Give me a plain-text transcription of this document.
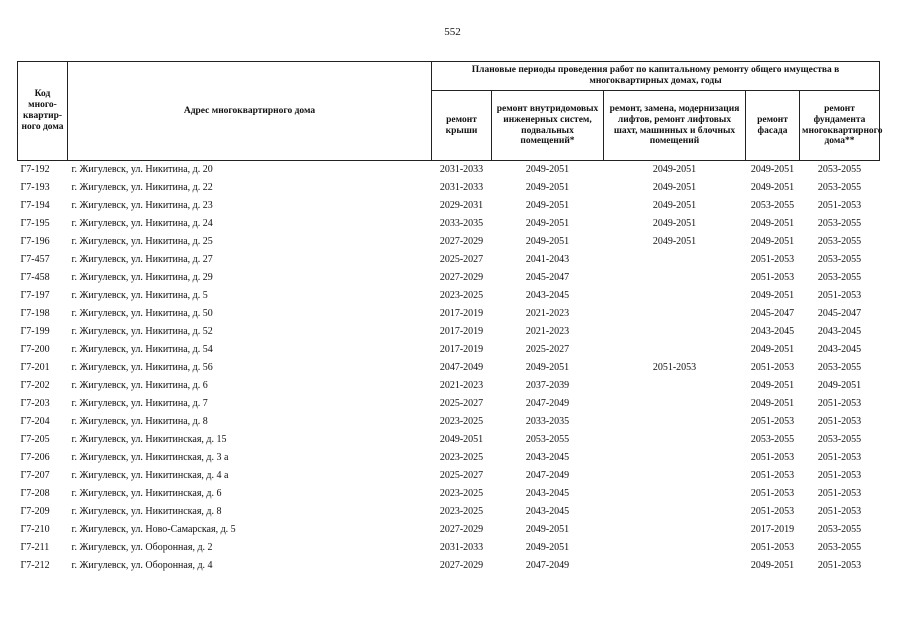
552
Код много-квартир-ного дома	Адрес многоквартирного дома	Плановые периоды проведения работ по капитальному ремонту общего имущества в многоквартирных домах, годы				
		ремонт крыши	ремонт внутридомовых инженерных систем, подвальных помещений*	ремонт, замена, модернизация лифтов, ремонт лифтовых шахт, машинных и блочных помещений	ремонт фасада	ремонт фундамента многоквартирного дома**
Г7-192	г. Жигулевск, ул. Никитина, д. 20	2031-2033	2049-2051	2049-2051	2049-2051	2053-2055
Г7-193	г. Жигулевск, ул. Никитина, д. 22	2031-2033	2049-2051	2049-2051	2049-2051	2053-2055
Г7-194	г. Жигулевск, ул. Никитина, д. 23	2029-2031	2049-2051	2049-2051	2053-2055	2051-2053
Г7-195	г. Жигулевск, ул. Никитина, д. 24	2033-2035	2049-2051	2049-2051	2049-2051	2053-2055
Г7-196	г. Жигулевск, ул. Никитина, д. 25	2027-2029	2049-2051	2049-2051	2049-2051	2053-2055
Г7-457	г. Жигулевск, ул. Никитина, д. 27	2025-2027	2041-2043		2051-2053	2053-2055
Г7-458	г. Жигулевск, ул. Никитина, д. 29	2027-2029	2045-2047		2051-2053	2053-2055
Г7-197	г. Жигулевск, ул. Никитина, д. 5	2023-2025	2043-2045		2049-2051	2051-2053
Г7-198	г. Жигулевск, ул. Никитина, д. 50	2017-2019	2021-2023		2045-2047	2045-2047
Г7-199	г. Жигулевск, ул. Никитина, д. 52	2017-2019	2021-2023		2043-2045	2043-2045
Г7-200	г. Жигулевск, ул. Никитина, д. 54	2017-2019	2025-2027		2049-2051	2043-2045
Г7-201	г. Жигулевск, ул. Никитина, д. 56	2047-2049	2049-2051	2051-2053	2051-2053	2053-2055
Г7-202	г. Жигулевск, ул. Никитина, д. 6	2021-2023	2037-2039		2049-2051	2049-2051
Г7-203	г. Жигулевск, ул. Никитина, д. 7	2025-2027	2047-2049		2049-2051	2051-2053
Г7-204	г. Жигулевск, ул. Никитина, д. 8	2023-2025	2033-2035		2051-2053	2051-2053
Г7-205	г. Жигулевск, ул. Никитинская, д. 15	2049-2051	2053-2055		2053-2055	2053-2055
Г7-206	г. Жигулевск, ул. Никитинская, д. 3 а	2023-2025	2043-2045		2051-2053	2051-2053
Г7-207	г. Жигулевск, ул. Никитинская, д. 4 а	2025-2027	2047-2049		2051-2053	2051-2053
Г7-208	г. Жигулевск, ул. Никитинская, д. 6	2023-2025	2043-2045		2051-2053	2051-2053
Г7-209	г. Жигулевск, ул. Никитинская, д. 8	2023-2025	2043-2045		2051-2053	2051-2053
Г7-210	г. Жигулевск, ул. Ново-Самарская, д. 5	2027-2029	2049-2051		2017-2019	2053-2055
Г7-211	г. Жигулевск, ул. Оборонная, д. 2	2031-2033	2049-2051		2051-2053	2053-2055
Г7-212	г. Жигулевск, ул. Оборонная, д. 4	2027-2029	2047-2049		2049-2051	2051-2053
